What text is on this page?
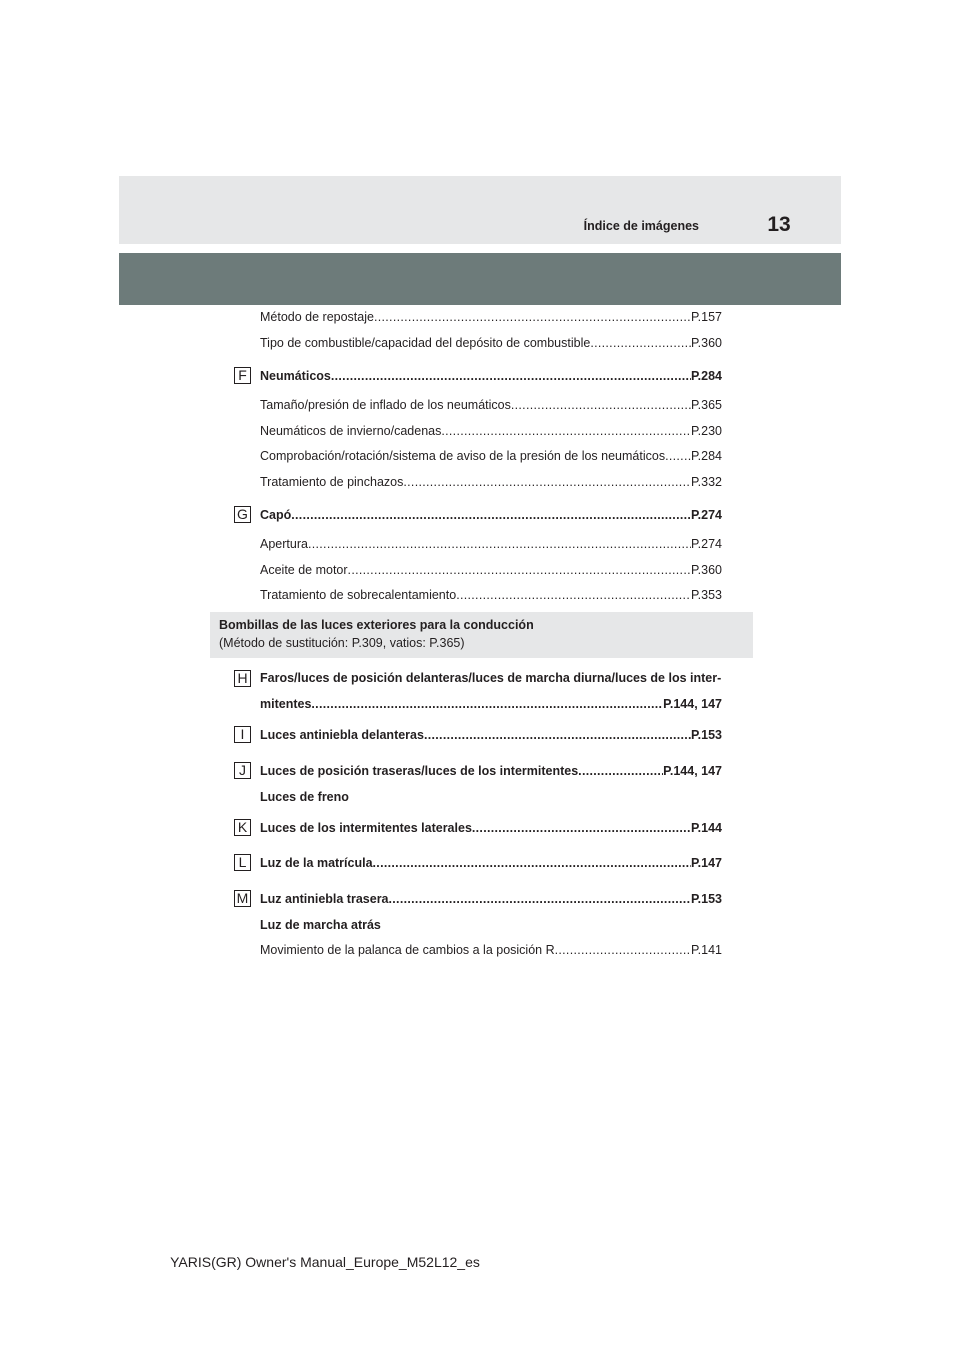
Índice de imágenes	13
Método de repostaje .....	P.157
Tipo de combustible/capacidad del depósito de combustible .....	P.360
F	Neumáticos .....	P.284
Tamaño/presión de inflado de los neumáticos .....	P.365
Neumáticos de invierno/cadenas .....	P.230
Comprobación/rotación/sistema de aviso de la presión de los neumáticos ..... P.284
Tratamiento de pinchazos .....	P.332
G Capó .....	P.274
Apertura .....	P.274
Aceite de motor .....	P.360
Tratamiento de sobrecalentamiento .....	P.353
Bombillas de las luces exteriores para la conducción
(Método de sustitución: P.309, vatios: P.365)
H Faros/luces de posición delanteras/luces de marcha diurna/luces de los inter-
mitentes .....	P.144, 147
I	Luces antiniebla delanteras .....	P.153
J	Luces de posición traseras/luces de los intermitentes .....	P.144, 147
Luces de freno
K	Luces de los intermitentes laterales .....	P.144
L	Luz de la matrícula .....	P.147
M Luz antiniebla trasera .....	P.153
Luz de marcha atrás
Movimiento de la palanca de cambios a la posición R .....	P.141
YARIS(GR) Owner's Manual_Europe_M52L12_es
